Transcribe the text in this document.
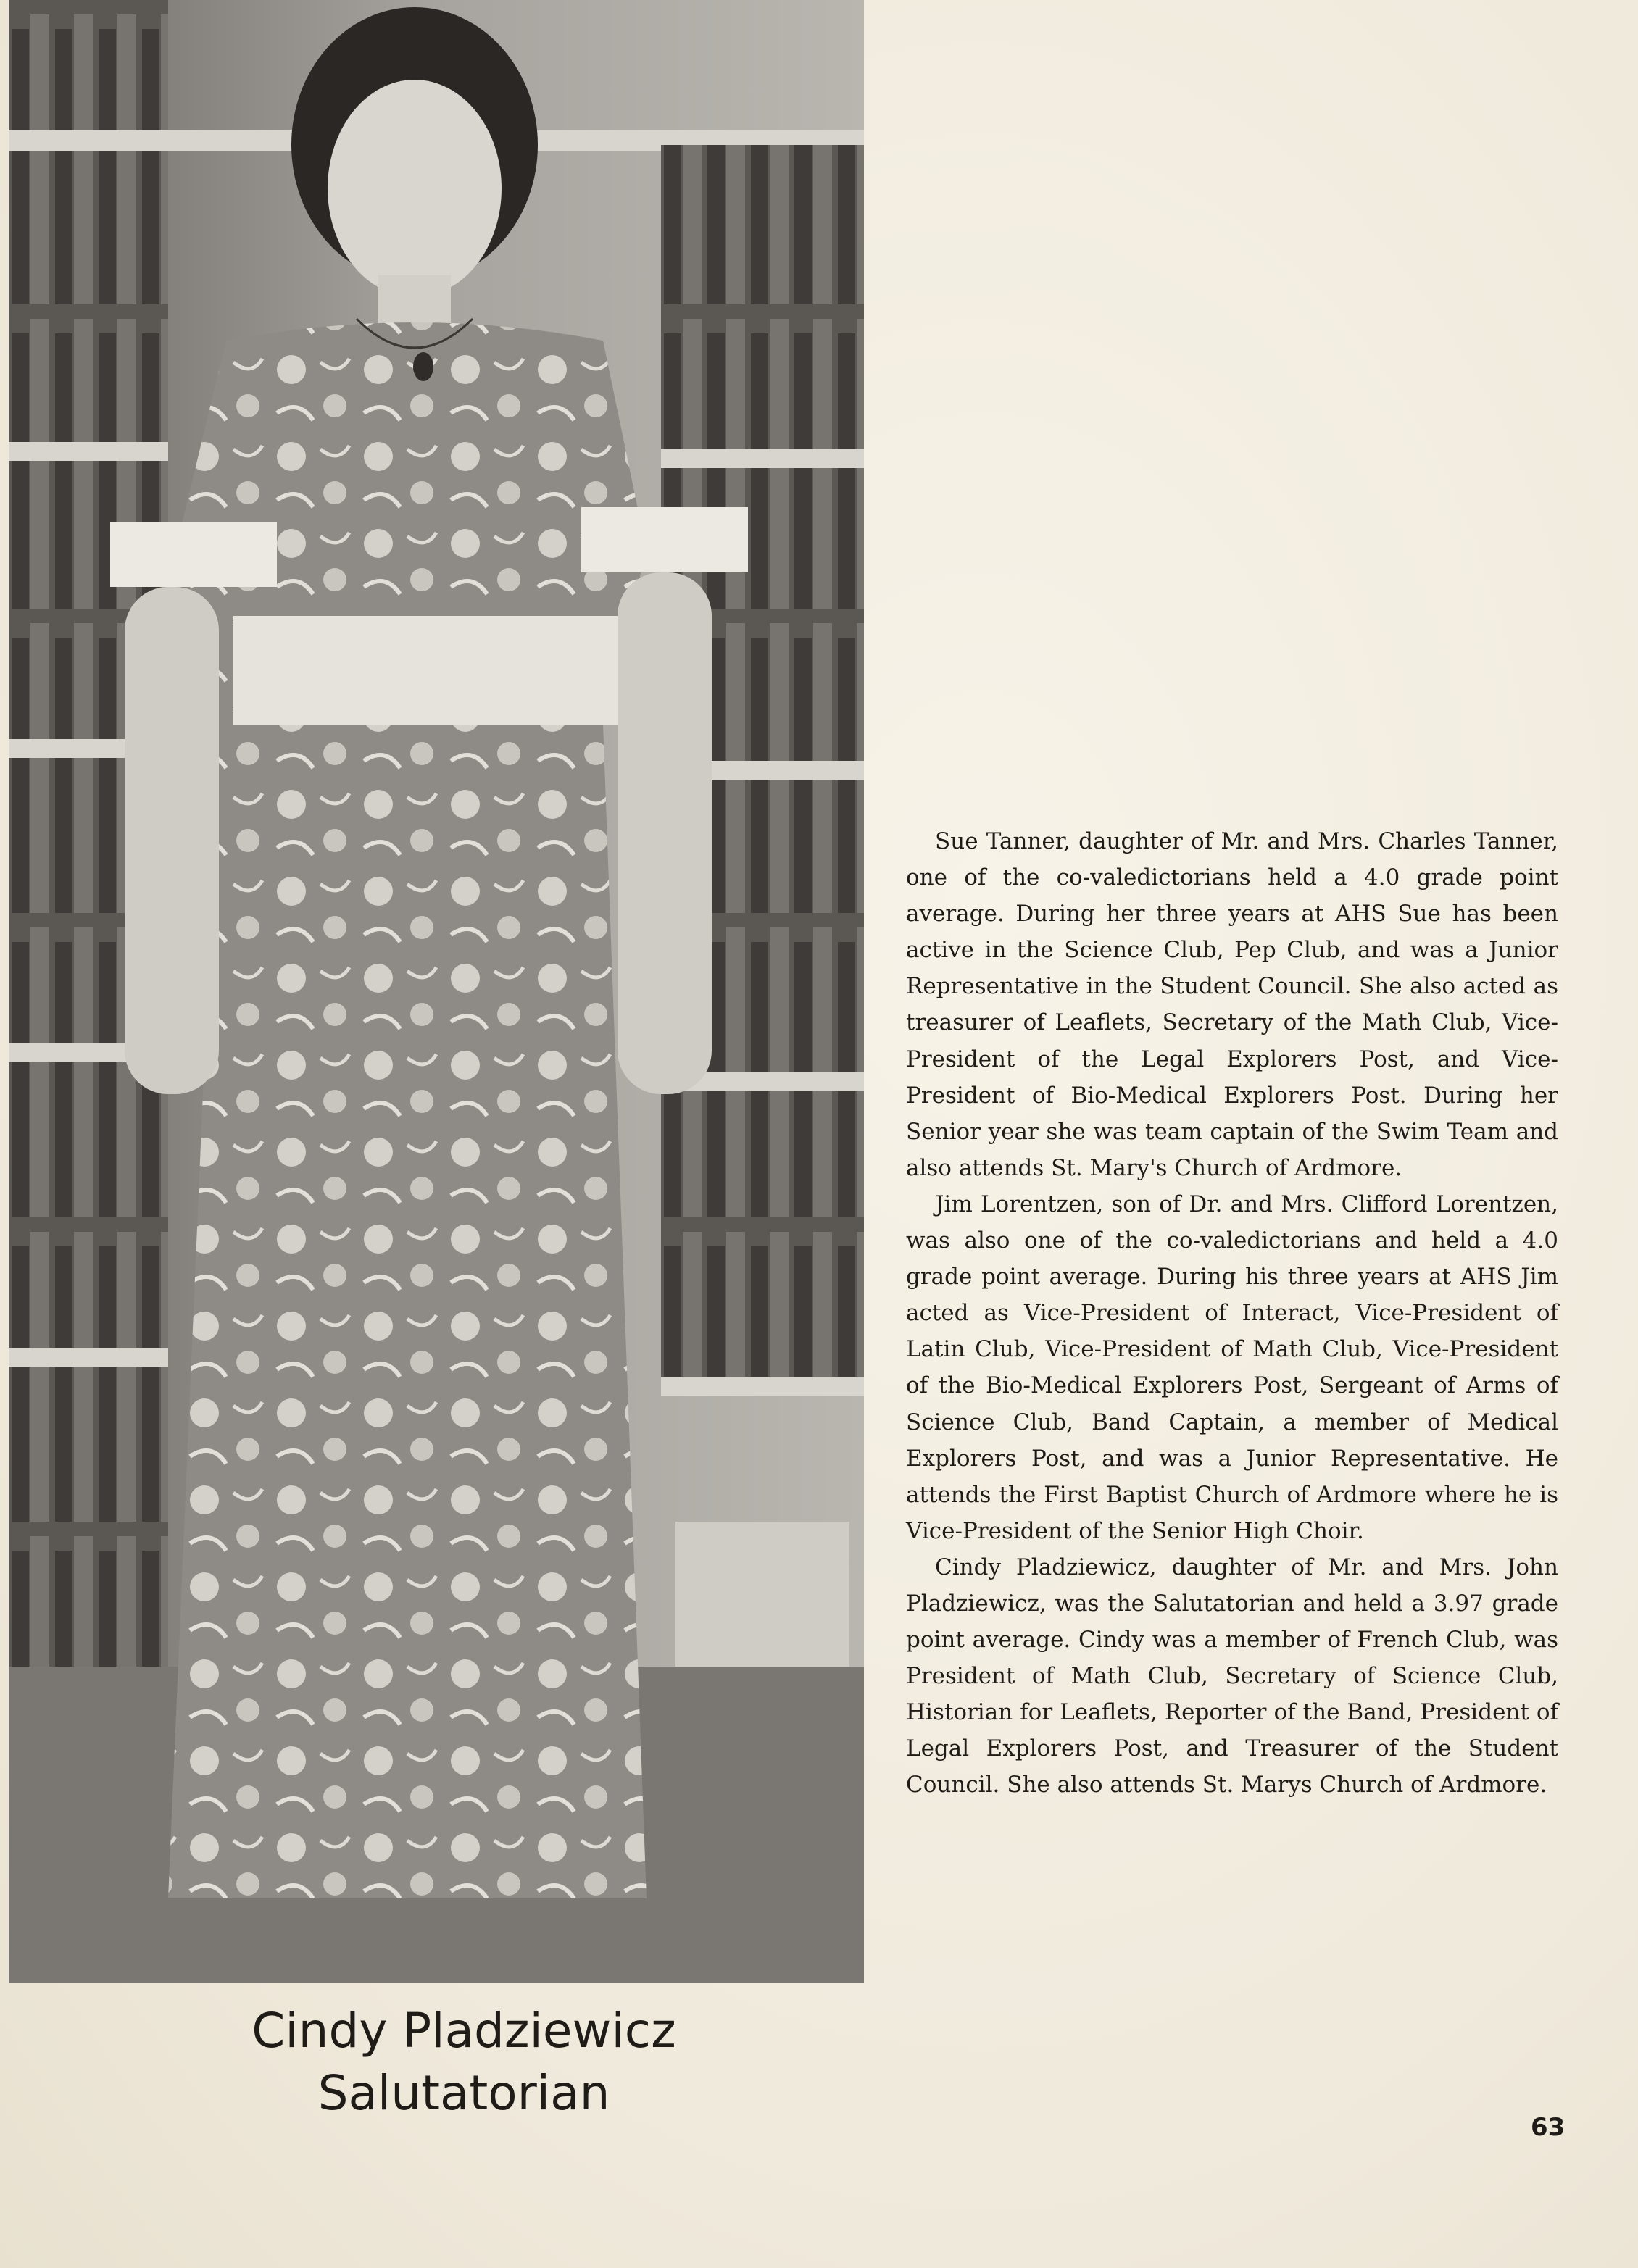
Cindy Pladziewicz
Salutatorian

Sue Tanner, daughter of Mr. and Mrs. Charles Tanner, one of the co-valedictorians held a 4.0 grade point average. During her three years at AHS Sue has been active in the Science Club, Pep Club, and was a Junior Representative in the Student Council. She also acted as treasurer of Leaflets, Secretary of the Math Club, Vice-President of the Legal Explorers Post, and Vice-President of Bio-Medical Explorers Post. During her Senior year she was team captain of the Swim Team and also attends St. Mary's Church of Ardmore.

Jim Lorentzen, son of Dr. and Mrs. Clifford Lorentzen, was also one of the co-valedictorians and held a 4.0 grade point average. During his three years at AHS Jim acted as Vice-President of Interact, Vice-President of Latin Club, Vice-President of Math Club, Vice-President of the Bio-Medical Explorers Post, Sergeant of Arms of Science Club, Band Captain, a member of Medical Explorers Post, and was a Junior Representative. He attends the First Baptist Church of Ardmore where he is Vice-President of the Senior High Choir.

Cindy Pladziewicz, daughter of Mr. and Mrs. John Pladziewicz, was the Salutatorian and held a 3.97 grade point average. Cindy was a member of French Club, was President of Math Club, Secretary of Science Club, Historian for Leaflets, Reporter of the Band, President of Legal Explorers Post, and Treasurer of the Student Council. She also attends St. Marys Church of Ardmore.

63
